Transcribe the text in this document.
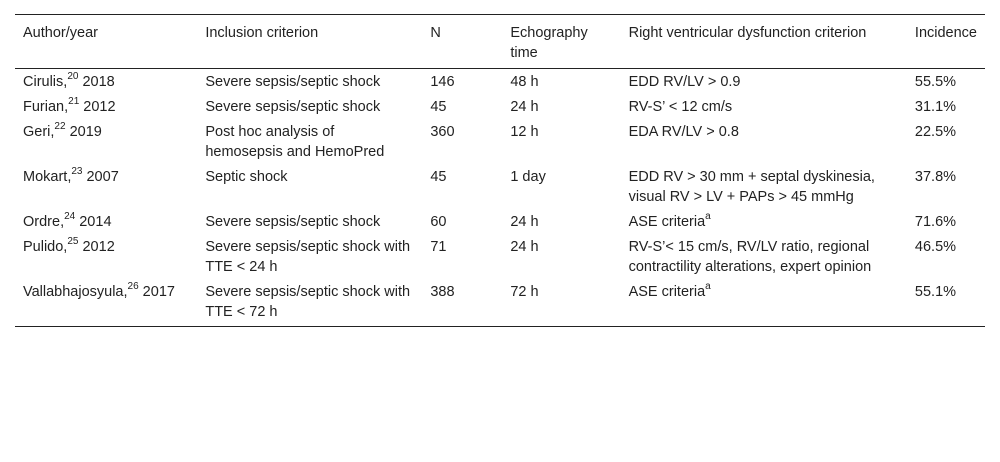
Author/year	Inclusion criterion	N	Echography time	Right ventricular dysfunction criterion	Incidence
Cirulis,$^{20}$ 2018	Severe sepsis/septic shock	146	48 h	EDD RV/LV > 0.9	55.5%
Furian,$^{21}$ 2012	Severe sepsis/septic shock	45	24 h	RV-S’ < 12 cm/s	31.1%
Geri,$^{22}$ 2019	Post hoc analysis of hemosepsis and HemoPred	360	12 h	EDA RV/LV > 0.8	22.5%
Mokart,$^{23}$ 2007	Septic shock	45	1 day	EDD RV > 30 mm + septal dyskinesia, visual RV > LV + PAPs > 45 mmHg	37.8%
Ordre,$^{24}$ 2014	Severe sepsis/septic shock	60	24 h	ASE criteria$^a$	71.6%
Pulido,$^{25}$ 2012	Severe sepsis/septic shock with TTE < 24 h	71	24 h	RV-S’< 15 cm/s, RV/LV ratio, regional contractility alterations, expert opinion	46.5%
Vallabhajosyula,$^{26}$ 2017	Severe sepsis/septic shock with TTE < 72 h	388	72 h	ASE criteria$^a$	55.1%
